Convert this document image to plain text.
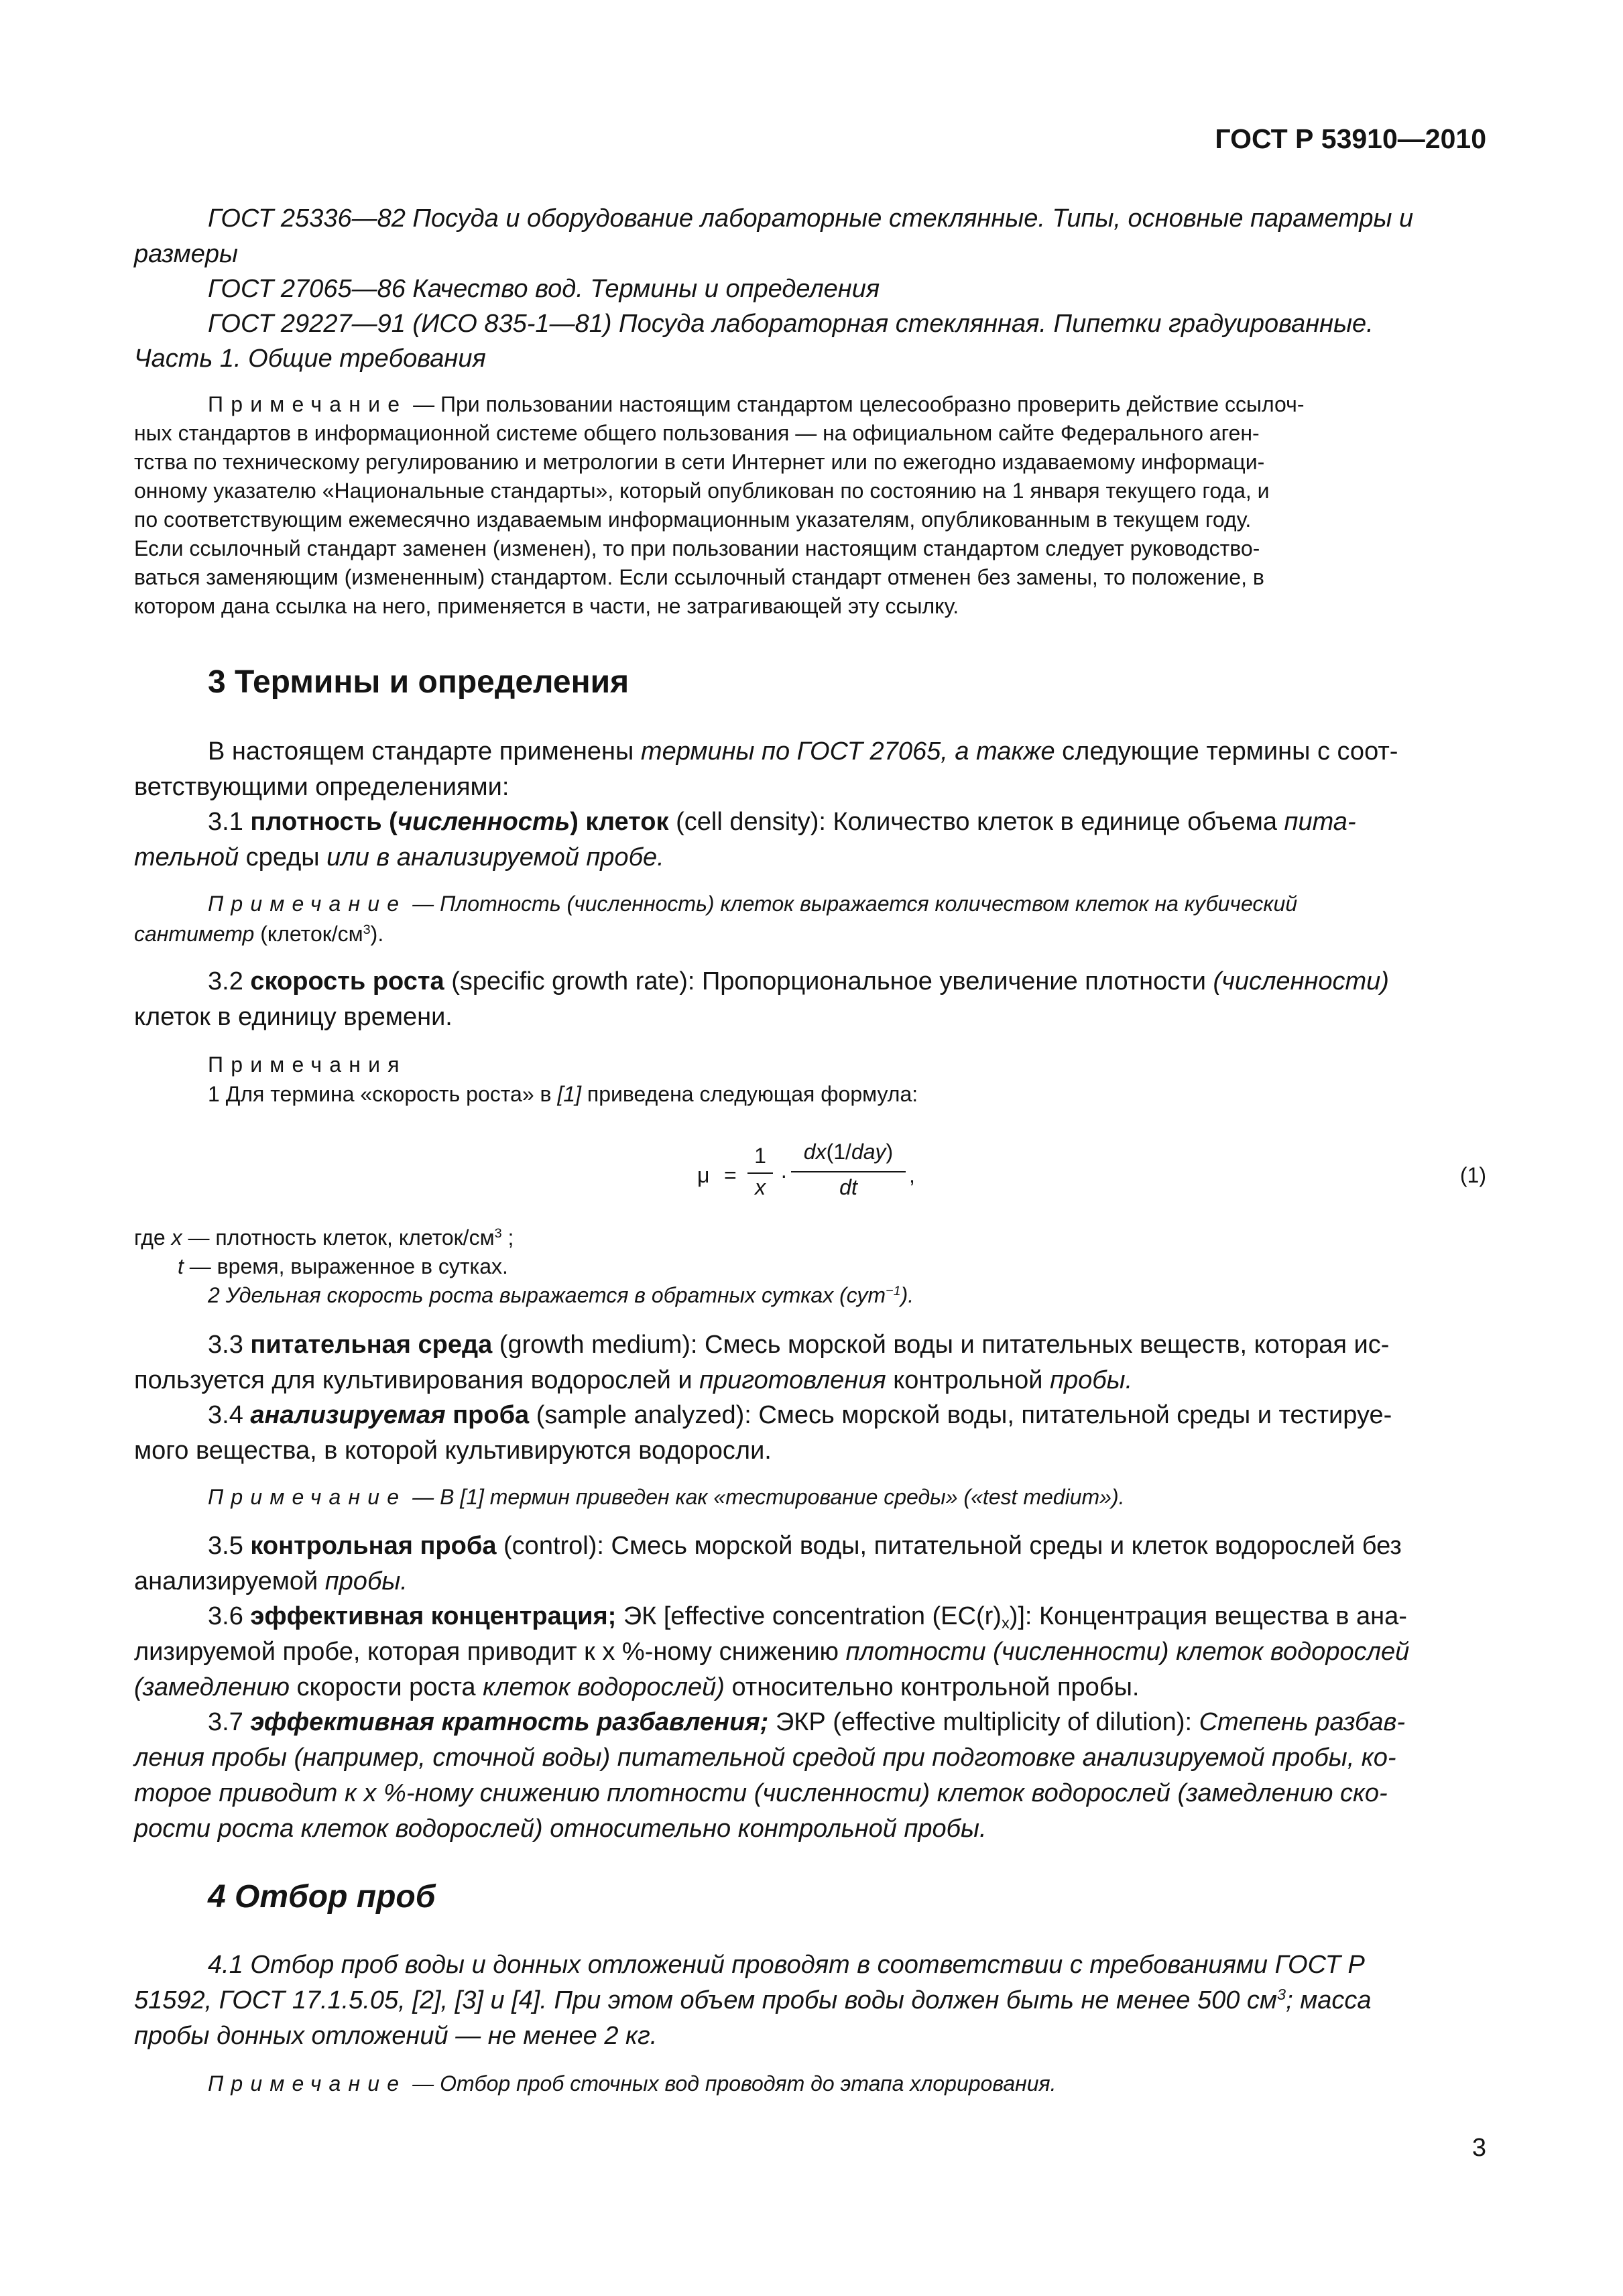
ГОСТ Р 53910—2010
ГОСТ 25336—82 Посуда и оборудование лабораторные стеклянные. Типы, основные параметры и
размеры
ГОСТ 27065—86 Качество вод. Термины и определения
ГОСТ 29227—91 (ИСО 835-1—81) Посуда лабораторная стеклянная. Пипетки градуированные.
Часть 1. Общие требования
Примечание — При пользовании настоящим стандартом целесообразно проверить действие ссылоч-
ных стандартов в информационной системе общего пользования — на официальном сайте Федерального аген-
тства по техническому регулированию и метрологии в сети Интернет или по ежегодно издаваемому информаци-
онному указателю «Национальные стандарты», который опубликован по состоянию на 1 января текущего года, и
по соответствующим ежемесячно издаваемым информационным указателям, опубликованным в текущем году.
Если ссылочный стандарт заменен (изменен), то при пользовании настоящим стандартом следует руководство-
ваться заменяющим (измененным) стандартом. Если ссылочный стандарт отменен без замены, то положение, в
котором дана ссылка на него, применяется в части, не затрагивающей эту ссылку.
3 Термины и определения
В настоящем стандарте применены термины по ГОСТ 27065, а также следующие термины с соот-
ветствующими определениями:
3.1 плотность (численность) клеток (cell density): Количество клеток в единице объема пита-
тельной среды или в анализируемой пробе.
Примечание — Плотность (численность) клеток выражается количеством клеток на кубический
сантиметр $(клеток/см^3)$.
3.2 скорость роста (specific growth rate): Пропорциональное увеличение плотности (численности)
клеток в единицу времени.
Примечания
1 Для термина «скорость роста» в [1] приведена следующая формула:
μ =
1
x ·
dx(1/day)
dt	,	(1)
где x — плотность клеток, клеток/$см^3$ ;
t — время, выраженное в сутках.
2 Удельная скорость роста выражается в обратных сутках (сут$^{-1}$).
3.3 питательная среда (growth medium): Смесь морской воды и питательных веществ, которая ис-
пользуется для культивирования водорослей и приготовления контрольной пробы.
3.4 анализируемая проба (sample analyzed): Смесь морской воды, питательной среды и тестируе-
мого вещества, в которой культивируются водоросли.
Примечание — В [1] термин приведен как «тестирование среды» («test medium»).
3.5 контрольная проба (control): Смесь морской воды, питательной среды и клеток водорослей без
анализируемой пробы.
3.6 эффективная концентрация; ЭК [effective concentration $(EC(r)_x)$]: Концентрация вещества в ана-
лизируемой пробе, которая приводит к x %-ному снижению плотности (численности) клеток водорослей
(замедлению скорости роста клеток водорослей) относительно контрольной пробы.
3.7 эффективная кратность разбавления; ЭКР (effective multiplicity of dilution): Степень разбав-
ления пробы (например, сточной воды) питательной средой при подготовке анализируемой пробы, ко-
торое приводит к x %-ному снижению плотности (численности) клеток водорослей (замедлению ско-
рости роста клеток водорослей) относительно контрольной пробы.
4 Отбор проб
4.1 Отбор проб воды и донных отложений проводят в соответствии с требованиями ГОСТ Р
51592, ГОСТ 17.1.5.05, [2], [3] и [4]. При этом объем пробы воды должен быть не менее 500 $см^3$; масса
пробы донных отложений — не менее 2 кг.
Примечание — Отбор проб сточных вод проводят до этапа хлорирования.
3
